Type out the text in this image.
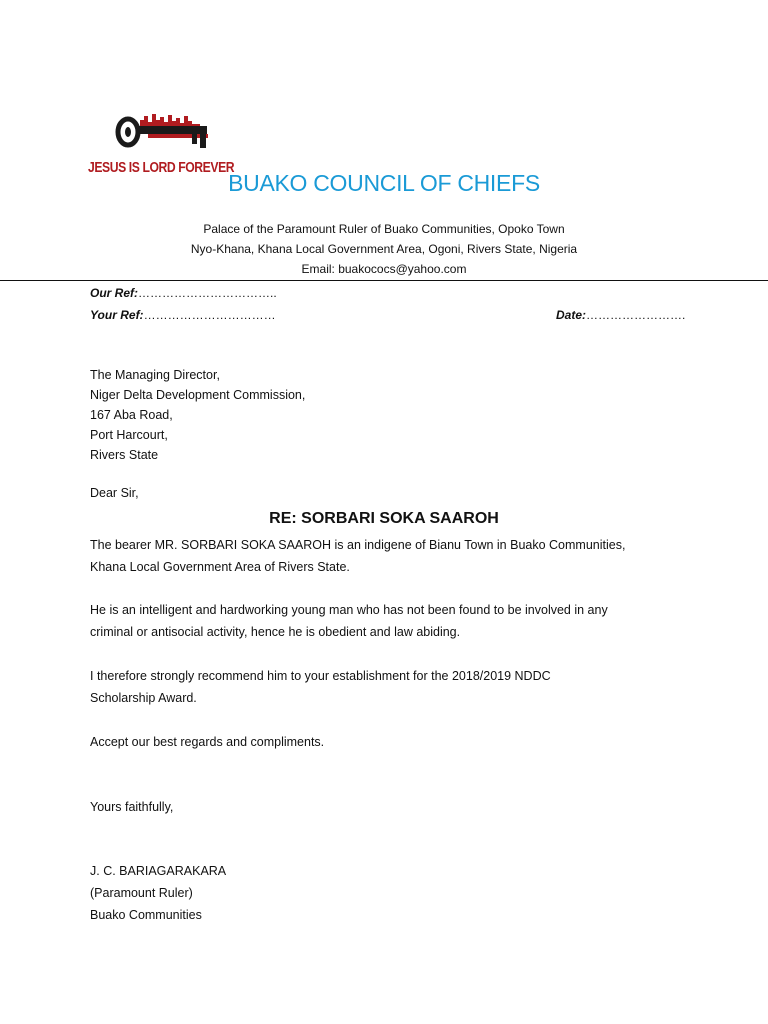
JESUS IS LORD FOREVER
BUAKO COUNCIL OF CHIEFS
Palace of the Paramount Ruler of Buako Communities, Opoko Town
Nyo-Khana, Khana Local Government Area, Ogoni, Rivers State, Nigeria
Email: buakococs@yahoo.com
Our Ref:……………………………..
Your Ref:……………………………	Date:…………………….
The Managing Director,
Niger Delta Development Commission,
167 Aba Road,
Port Harcourt,
Rivers State
Dear Sir,
RE: SORBARI SOKA SAAROH
The bearer MR. SORBARI SOKA SAAROH is an indigene of Bianu Town in Buako Communities,
Khana Local Government Area of Rivers State.
He is an intelligent and hardworking young man who has not been found to be involved in any
criminal or antisocial activity, hence he is obedient and law abiding.
I therefore strongly recommend him to your establishment for the 2018/2019 NDDC
Scholarship Award.
Accept our best regards and compliments.
Yours faithfully,
J. C. BARIAGARAKARA
(Paramount Ruler)
Buako Communities
